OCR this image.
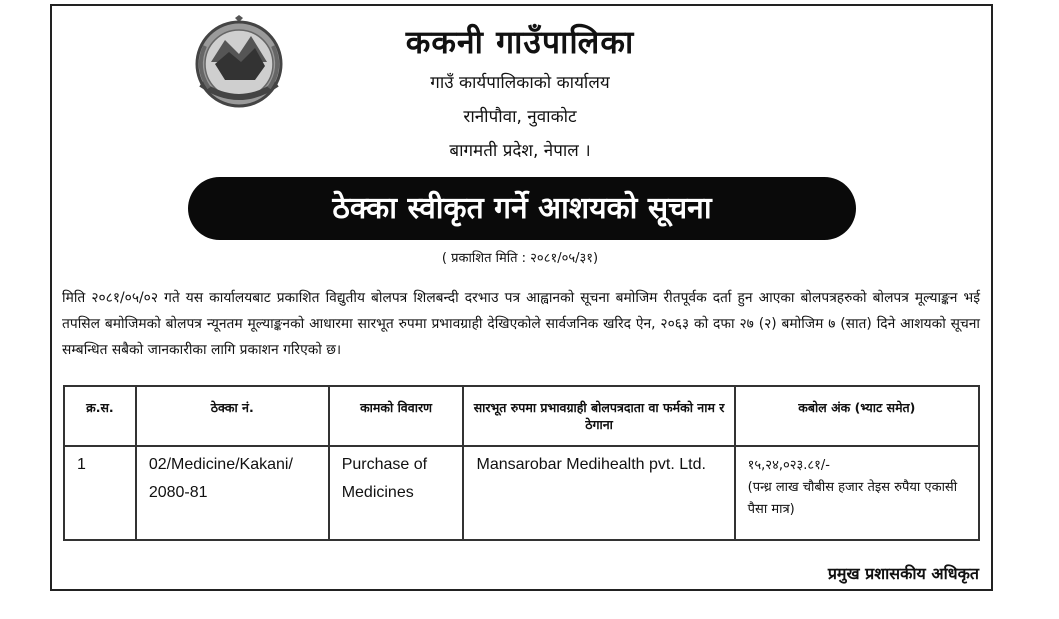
ककनी गाउँपालिका
गाउँ कार्यपालिकाको कार्यालय
रानीपौवा, नुवाकोट
बागमती प्रदेश, नेपाल ।
ठेक्का स्वीकृत गर्ने आशयको सूचना
( प्रकाशित मिति : २०८१/०५/३१)
मिति २०८१/०५/०२ गते यस कार्यालयबाट प्रकाशित विद्युतीय बोलपत्र शिलबन्दी दरभाउ पत्र आह्वानको सूचना बमोजिम रीतपूर्वक दर्ता हुन आएका बोलपत्रहरुको बोलपत्र मूल्याङ्कन भई तपसिल बमोजिमको बोलपत्र न्यूनतम मूल्याङ्कनको आधारमा सारभूत रुपमा प्रभावग्राही देखिएकोले सार्वजनिक खरिद ऐन, २०६३ को दफा २७ (२) बमोजिम ७ (सात) दिने आशयको सूचना सम्बन्धित सबैको जानकारीका लागि प्रकाशन गरिएको छ।
क्र.स.	ठेक्का नं.	कामको विवारण	सारभूत रुपमा प्रभावग्राही बोलपत्रदाता वा फर्मको नाम र ठेगाना	कबोल अंक (भ्याट समेत)
1	02/Medicine/Kakani/ 2080-81	Purchase of Medicines	Mansarobar Medihealth pvt. Ltd.	१५,२४,०२३.८१/-
(पन्ध्र लाख चौबीस हजार तेइस रुपैया एकासी पैसा मात्र)
प्रमुख प्रशासकीय अधिकृत
